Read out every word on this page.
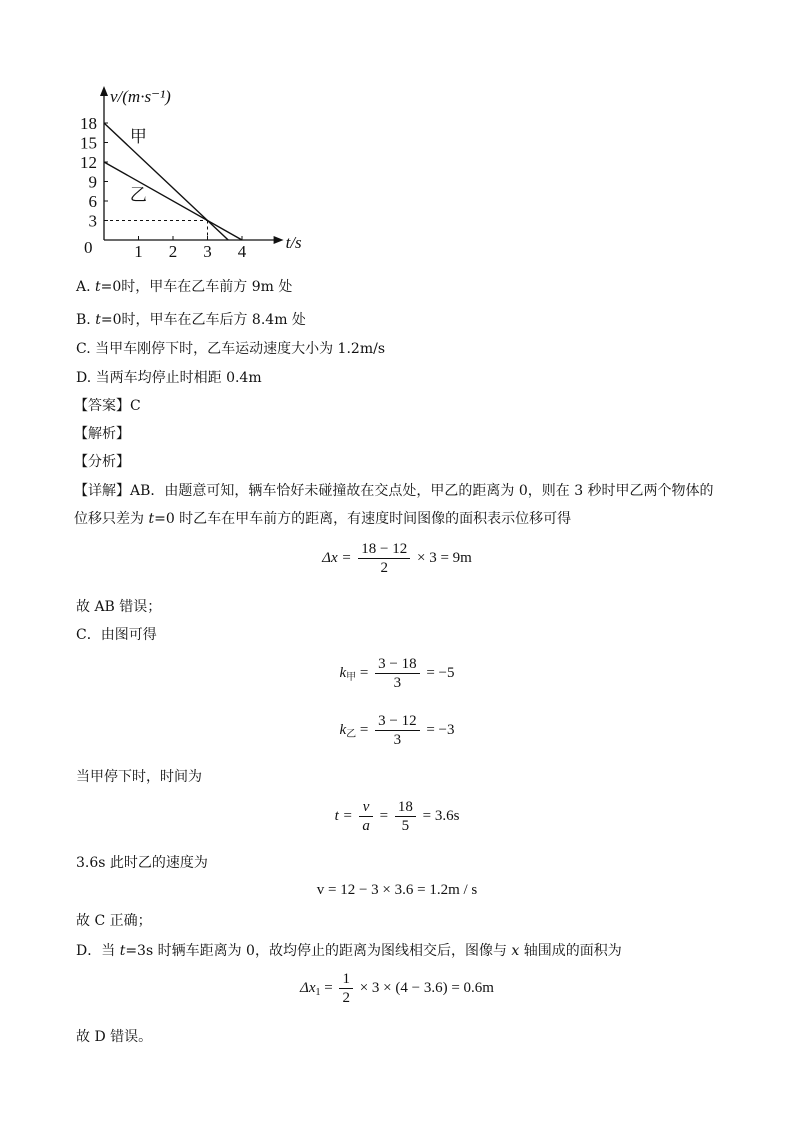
1 2 3 4
3
6
9
12
15
18
0
v/(m·s⁻¹)
t/s
甲
乙
A. t=0时，甲车在乙车前方 9m 处
B. t=0时，甲车在乙车后方 8.4m 处
C. 当甲车刚停下时，乙车运动速度大小为 1.2m/s
D. 当两车均停止时相距 0.4m
【答案】C
【解析】
【分析】
【详解】AB．由题意可知，辆车恰好未碰撞故在交点处，甲乙的距离为 0，则在 3 秒时甲乙两个物体的位移只差为 t=0 时乙车在甲车前方的距离，有速度时间图像的面积表示位移可得
$\Delta x = \frac{18 - 12}{2} \times 3 = 9m$
故 AB 错误；
C．由图可得
$k_甲 = \frac{3 - 18}{3} = -5$
$k_乙 = \frac{3 - 12}{3} = -3$
当甲停下时，时间为
$t = \frac{v}{a} = \frac{18}{5} = 3.6s$
3.6s 此时乙的速度为
v = 12 − 3 × 3.6 = 1.2m / s
故 C 正确；
D．当 t=3s 时辆车距离为 0，故均停止的距离为图线相交后，图像与 x 轴围成的面积为
$\Delta x_1 = \frac{1}{2} \times 3 \times (4 - 3.6) = 0.6m$
故 D 错误。
